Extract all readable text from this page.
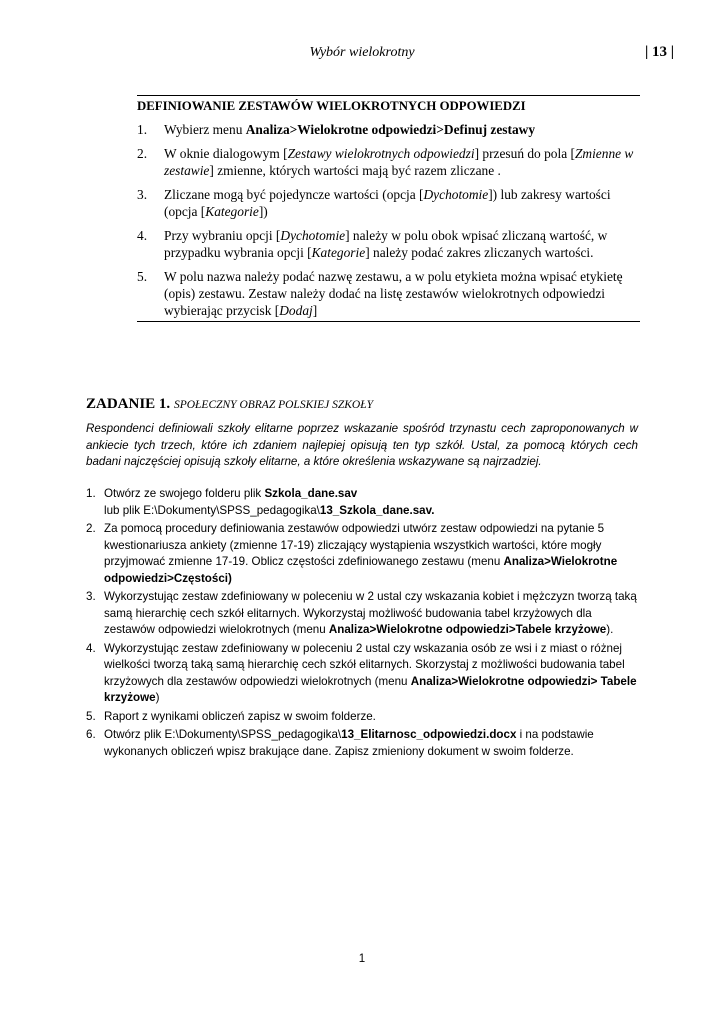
Wybór wielokrotny	| 13 |
DEFINIOWANIE ZESTAWÓW WIELOKROTNYCH ODPOWIEDZI
1. Wybierz menu Analiza>Wielokrotne odpowiedzi>Definuj zestawy
2. W oknie dialogowym [Zestawy wielokrotnych odpowiedzi] przesuń do pola [Zmienne w zestawie] zmienne, których wartości mają być razem zliczane .
3. Zliczane mogą być pojedyncze wartości (opcja [Dychotomie]) lub zakresy wartości (opcja [Kategorie])
4. Przy wybraniu opcji [Dychotomie] należy w polu obok wpisać zliczaną wartość, w przypadku wybrania opcji [Kategorie] należy podać zakres zliczanych wartości.
5. W polu nazwa należy podać nazwę zestawu, a w polu etykieta można wpisać etykietę (opis) zestawu. Zestaw należy dodać na listę zestawów wielokrotnych odpowiedzi wybierając przycisk [Dodaj]
ZADANIE 1. SPOŁECZNY OBRAZ POLSKIEJ SZKOŁY

Respondenci definiowali szkoły elitarne poprzez wskazanie spośród trzynastu cech zaproponowanych w ankiecie tych trzech, które ich zdaniem najlepiej opisują ten typ szkół. Ustal, za pomocą których cech badani najczęściej opisują szkoły elitarne, a które określenia wskazywane są najrzadziej.

1. Otwórz ze swojego folderu plik Szkola_dane.sav
lub plik E:\Dokumenty\SPSS_pedagogika\13_Szkola_dane.sav.
2. Za pomocą procedury definiowania zestawów odpowiedzi utwórz zestaw odpowiedzi na pytanie 5 kwestionariusza ankiety (zmienne 17-19) zliczający wystąpienia wszystkich wartości, które mogły przyjmować zmienne 17-19. Oblicz częstości zdefiniowanego zestawu (menu Analiza>Wielokrotne odpowiedzi>Częstości)
3. Wykorzystując zestaw zdefiniowany w poleceniu w 2 ustal czy wskazania kobiet i mężczyzn tworzą taką samą hierarchię cech szkół elitarnych. Wykorzystaj możliwość budowania tabel krzyżowych dla zestawów odpowiedzi wielokrotnych (menu Analiza>Wielokrotne odpowiedzi>Tabele krzyżowe).
4. Wykorzystując zestaw zdefiniowany w poleceniu 2 ustal czy wskazania osób ze wsi i z miast o różnej wielkości tworzą taką samą hierarchię cech szkół elitarnych. Skorzystaj z możliwości budowania tabel krzyżowych dla zestawów odpowiedzi wielokrotnych (menu Analiza>Wielokrotne odpowiedzi> Tabele krzyżowe)
5. Raport z wynikami obliczeń zapisz w swoim folderze.
6. Otwórz plik E:\Dokumenty\SPSS_pedagogika\13_Elitarnosc_odpowiedzi.docx i na podstawie wykonanych obliczeń wpisz brakujące dane. Zapisz zmieniony dokument w swoim folderze.
1
